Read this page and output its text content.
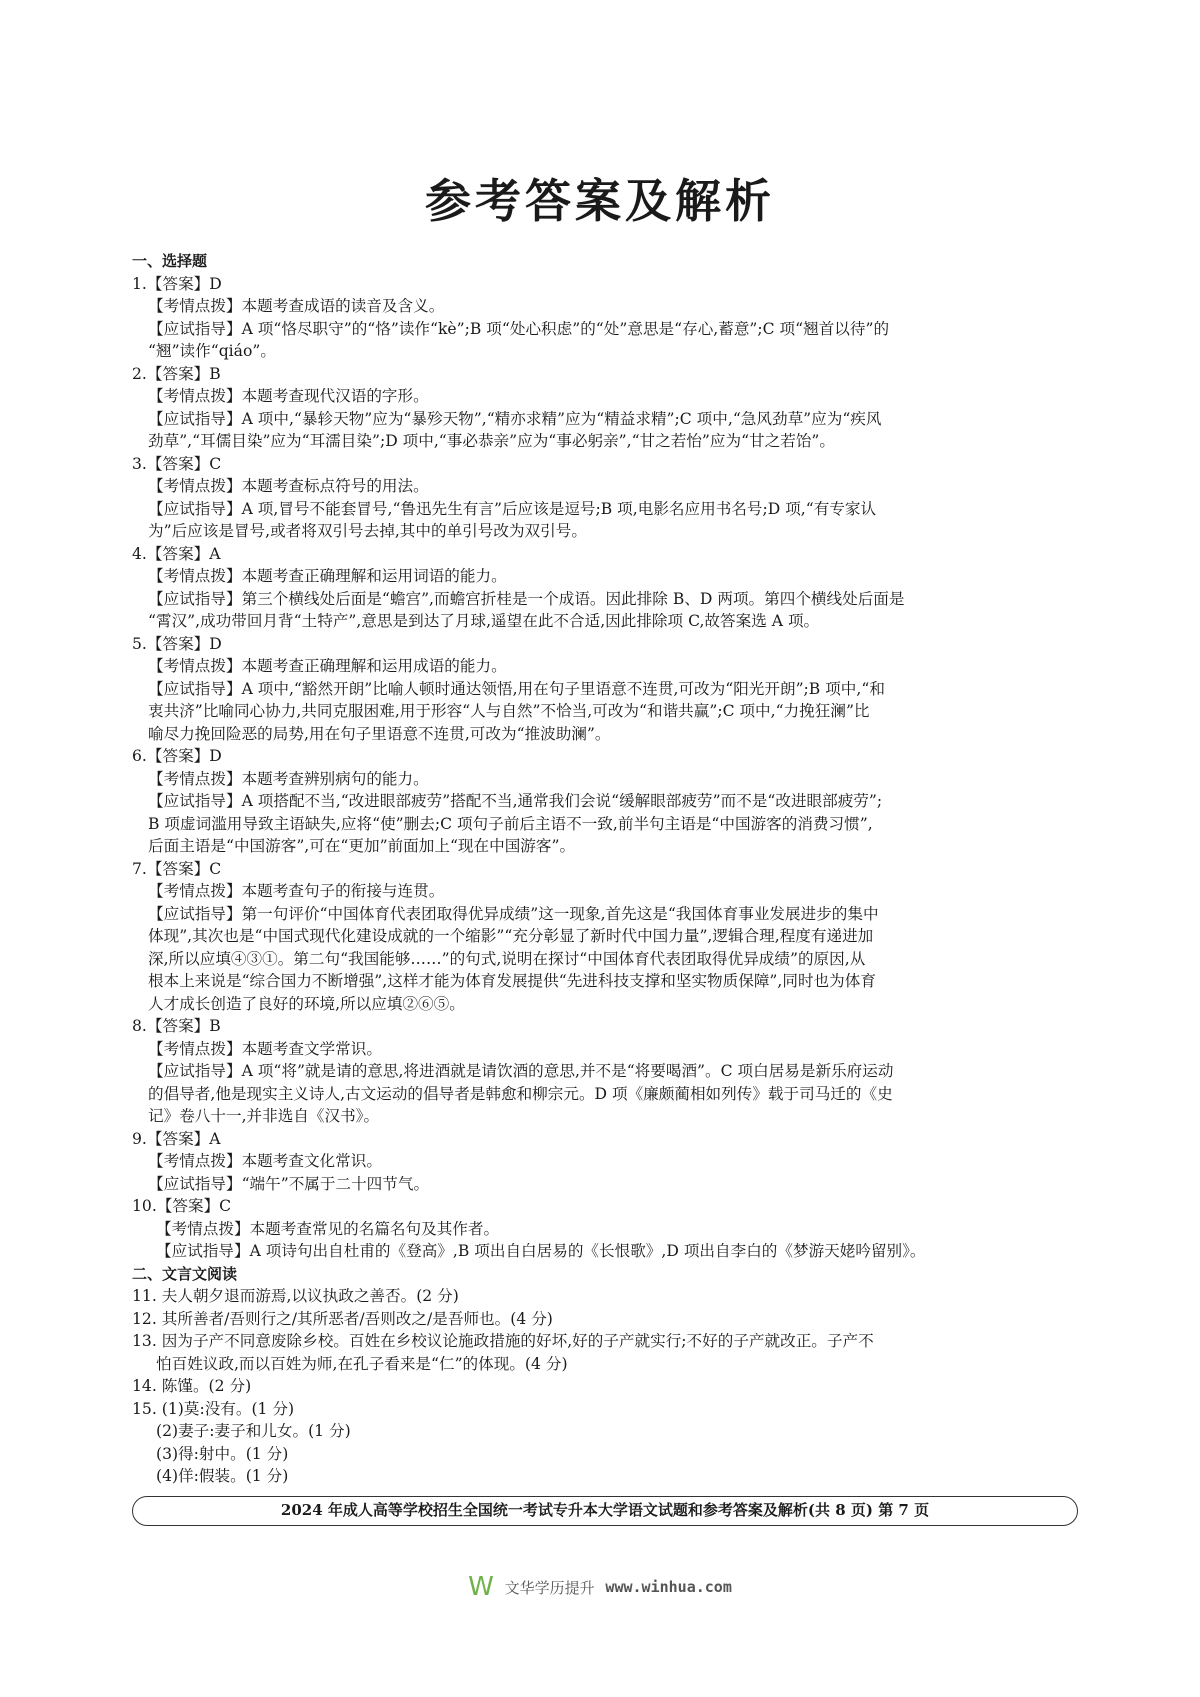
参考答案及解析
一、选择题
1.【答案】D
【考情点拨】本题考查成语的读音及含义。
【应试指导】A 项“恪尽职守”的“恪”读作“kè”;B 项“处心积虑”的“处”意思是“存心,蓄意”;C 项“翘首以待”的
“翘”读作“qiáo”。
2.【答案】B
【考情点拨】本题考查现代汉语的字形。
【应试指导】A 项中,“暴轸天物”应为“暴殄天物”,“精亦求精”应为“精益求精”;C 项中,“急风劲草”应为“疾风
劲草”,“耳儒目染”应为“耳濡目染”;D 项中,“事必恭亲”应为“事必躬亲”,“甘之若怡”应为“甘之若饴”。
3.【答案】C
【考情点拨】本题考查标点符号的用法。
【应试指导】A 项,冒号不能套冒号,“鲁迅先生有言”后应该是逗号;B 项,电影名应用书名号;D 项,“有专家认
为”后应该是冒号,或者将双引号去掉,其中的单引号改为双引号。
4.【答案】A
【考情点拨】本题考查正确理解和运用词语的能力。
【应试指导】第三个横线处后面是“蟾宫”,而蟾宫折桂是一个成语。因此排除 B、D 两项。第四个横线处后面是
“霄汉”,成功带回月背“土特产”,意思是到达了月球,遥望在此不合适,因此排除项 C,故答案选 A 项。
5.【答案】D
【考情点拨】本题考查正确理解和运用成语的能力。
【应试指导】A 项中,“豁然开朗”比喻人顿时通达领悟,用在句子里语意不连贯,可改为“阳光开朗”;B 项中,“和
衷共济”比喻同心协力,共同克服困难,用于形容“人与自然”不恰当,可改为“和谐共赢”;C 项中,“力挽狂澜”比
喻尽力挽回险恶的局势,用在句子里语意不连贯,可改为“推波助澜”。
6.【答案】D
【考情点拨】本题考查辨别病句的能力。
【应试指导】A 项搭配不当,“改进眼部疲劳”搭配不当,通常我们会说“缓解眼部疲劳”而不是“改进眼部疲劳”;
B 项虚词滥用导致主语缺失,应将“使”删去;C 项句子前后主语不一致,前半句主语是“中国游客的消费习惯”,
后面主语是“中国游客”,可在“更加”前面加上“现在中国游客”。
7.【答案】C
【考情点拨】本题考查句子的衔接与连贯。
【应试指导】第一句评价“中国体育代表团取得优异成绩”这一现象,首先这是“我国体育事业发展进步的集中
体现”,其次也是“中国式现代化建设成就的一个缩影”“充分彰显了新时代中国力量”,逻辑合理,程度有递进加
深,所以应填④③①。第二句“我国能够……”的句式,说明在探讨“中国体育代表团取得优异成绩”的原因,从
根本上来说是“综合国力不断增强”,这样才能为体育发展提供“先进科技支撑和坚实物质保障”,同时也为体育
人才成长创造了良好的环境,所以应填②⑥⑤。
8.【答案】B
【考情点拨】本题考查文学常识。
【应试指导】A 项“将”就是请的意思,将进酒就是请饮酒的意思,并不是“将要喝酒”。C 项白居易是新乐府运动
的倡导者,他是现实主义诗人,古文运动的倡导者是韩愈和柳宗元。D 项《廉颇蔺相如列传》载于司马迁的《史
记》卷八十一,并非选自《汉书》。
9.【答案】A
【考情点拨】本题考查文化常识。
【应试指导】“端午”不属于二十四节气。
10.【答案】C
【考情点拨】本题考查常见的名篇名句及其作者。
【应试指导】A 项诗句出自杜甫的《登高》,B 项出自白居易的《长恨歌》,D 项出自李白的《梦游天姥吟留别》。
二、文言文阅读
11. 夫人朝夕退而游焉,以议执政之善否。(2 分)
12. 其所善者/吾则行之/其所恶者/吾则改之/是吾师也。(4 分)
13. 因为子产不同意废除乡校。百姓在乡校议论施政措施的好坏,好的子产就实行;不好的子产就改正。子产不
怕百姓议政,而以百姓为师,在孔子看来是“仁”的体现。(4 分)
14. 陈馑。(2 分)
15. (1)莫:没有。(1 分)
(2)妻子:妻子和儿女。(1 分)
(3)得:射中。(1 分)
(4)佯:假装。(1 分)
2024 年成人高等学校招生全国统一考试专升本大学语文试题和参考答案及解析(共 8 页) 第 7 页
W 文华学历提升 www.winhua.com
